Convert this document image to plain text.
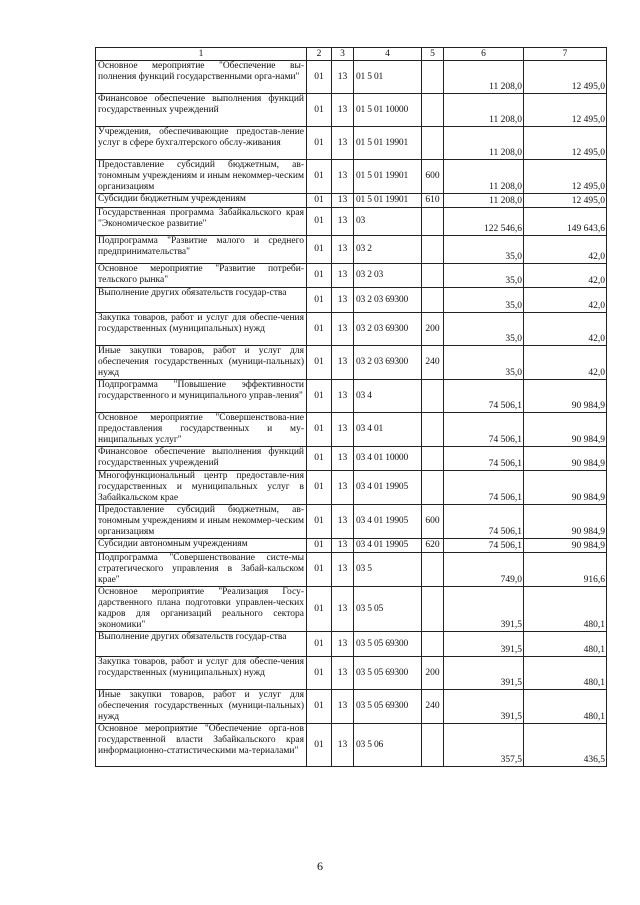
1	2	3	4	5	6	7
Основное мероприятие "Обеспечение вы-полнения функций государственными орга-нами"	01	13	01 5 01		11 208,0	12 495,0
Финансовое обеспечение выполнения функций государственных учреждений	01	13	01 5 01 10000		11 208,0	12 495,0
Учреждения, обеспечивающие предостав-ление услуг в сфере бухгалтерского обслу-живания	01	13	01 5 01 19901		11 208,0	12 495,0
Предоставление субсидий бюджетным, ав-тономным учреждениям и иным некоммер-ческим организациям	01	13	01 5 01 19901	600	11 208,0	12 495,0
Субсидии бюджетным учреждениям	01	13	01 5 01 19901	610	11 208,0	12 495,0
Государственная программа Забайкальского края "Экономическое развитие"	01	13	03		122 546,6	149 643,6
Подпрограмма "Развитие малого и среднего предпринимательства"	01	13	03 2		35,0	42,0
Основное мероприятие "Развитие потреби-тельского рынка"	01	13	03 2 03		35,0	42,0
Выполнение других обязательств государ-ства	01	13	03 2 03 69300		35,0	42,0
Закупка товаров, работ и услуг для обеспе-чения государственных (муниципальных) нужд	01	13	03 2 03 69300	200	35,0	42,0
Иные закупки товаров, работ и услуг для обеспечения государственных (муници-пальных) нужд	01	13	03 2 03 69300	240	35,0	42,0
Подпрограмма "Повышение эффективности государственного и муниципального управ-ления"	01	13	03 4		74 506,1	90 984,9
Основное мероприятие "Совершенствова-ние предоставления государственных и му-ниципальных услуг"	01	13	03 4 01		74 506,1	90 984,9
Финансовое обеспечение выполнения функций государственных учреждений	01	13	03 4 01 10000		74 506,1	90 984,9
Многофункциональный центр предоставле-ния государственных и муниципальных услуг в Забайкальском крае	01	13	03 4 01 19905		74 506,1	90 984,9
Предоставление субсидий бюджетным, ав-тономным учреждениям и иным некоммер-ческим организациям	01	13	03 4 01 19905	600	74 506,1	90 984,9
Субсидии автономным учреждениям	01	13	03 4 01 19905	620	74 506,1	90 984,9
Подпрограмма "Совершенствование систе-мы стратегического управления в Забай-кальском крае"	01	13	03 5		749,0	916,6
Основное мероприятие "Реализация Госу-дарственного плана подготовки управлен-ческих кадров для организаций реального сектора экономики"	01	13	03 5 05		391,5	480,1
Выполнение других обязательств государ-ства	01	13	03 5 05 69300		391,5	480,1
Закупка товаров, работ и услуг для обеспе-чения государственных (муниципальных) нужд	01	13	03 5 05 69300	200	391,5	480,1
Иные закупки товаров, работ и услуг для обеспечения государственных (муници-пальных) нужд	01	13	03 5 05 69300	240	391,5	480,1
Основное мероприятие "Обеспечение орга-нов государственной власти Забайкальского края информационно-статистическими ма-териалами"	01	13	03 5 06		357,5	436,5
6
